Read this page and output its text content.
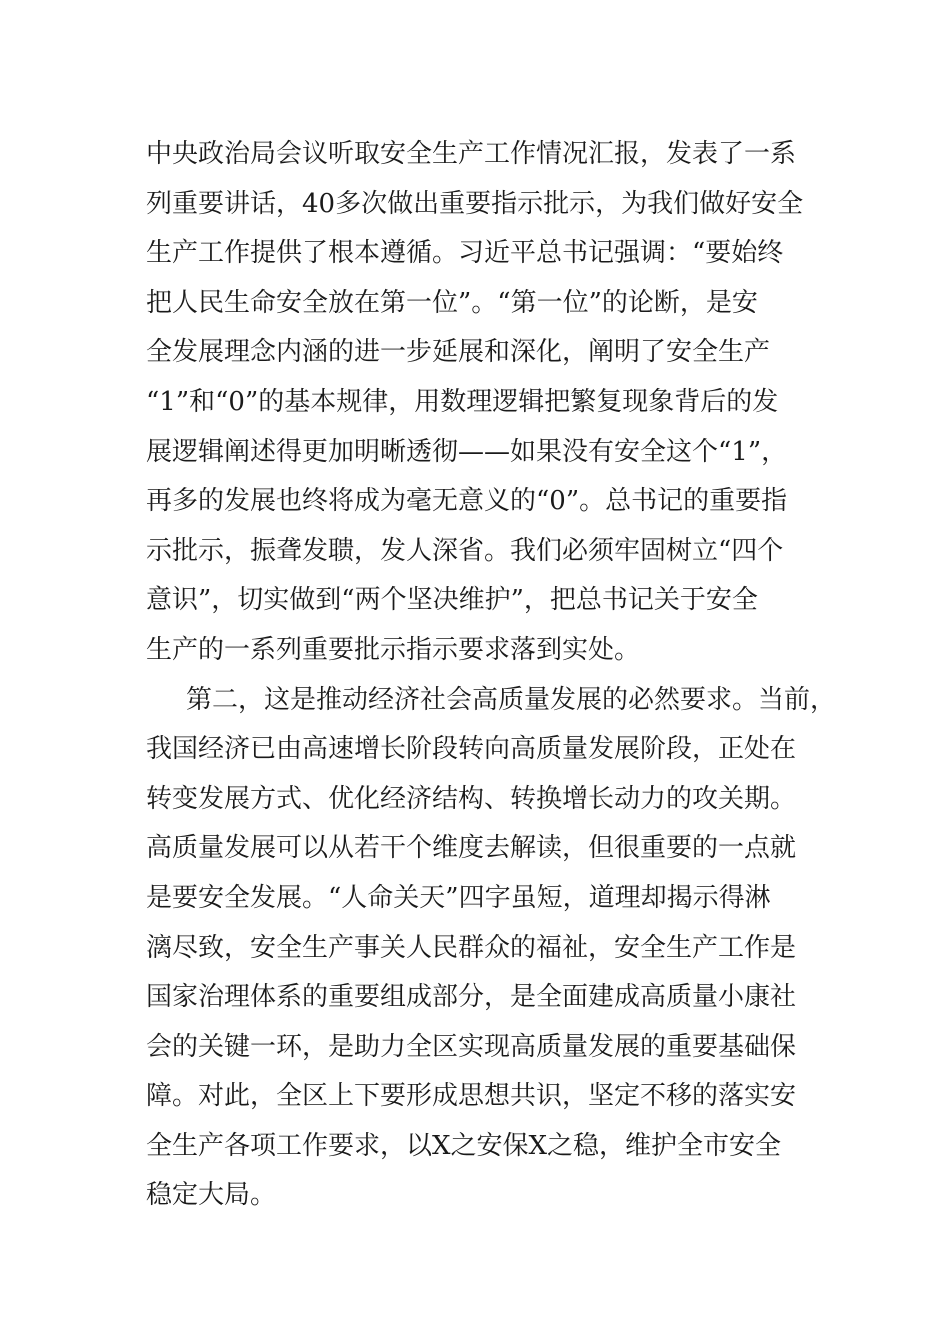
中央政治局会议听取安全生产工作情况汇报，发表了一系
列重要讲话，40多次做出重要指示批示，为我们做好安全
生产工作提供了根本遵循。习近平总书记强调：“要始终
把人民生命安全放在第一位”。“第一位”的论断，是安
全发展理念内涵的进一步延展和深化，阐明了安全生产
“1”和“0”的基本规律，用数理逻辑把繁复现象背后的发
展逻辑阐述得更加明晰透彻——如果没有安全这个“1”，
再多的发展也终将成为毫无意义的“0”。总书记的重要指
示批示，振聋发聩，发人深省。我们必须牢固树立“四个
意识”，切实做到“两个坚决维护”，把总书记关于安全
生产的一系列重要批示指示要求落到实处。
第二，这是推动经济社会高质量发展的必然要求。当前，
我国经济已由高速增长阶段转向高质量发展阶段，正处在
转变发展方式、优化经济结构、转换增长动力的攻关期。
高质量发展可以从若干个维度去解读，但很重要的一点就
是要安全发展。“人命关天”四字虽短，道理却揭示得淋
漓尽致，安全生产事关人民群众的福祉，安全生产工作是
国家治理体系的重要组成部分，是全面建成高质量小康社
会的关键一环，是助力全区实现高质量发展的重要基础保
障。对此，全区上下要形成思想共识，坚定不移的落实安
全生产各项工作要求，以X之安保X之稳，维护全市安全
稳定大局。
